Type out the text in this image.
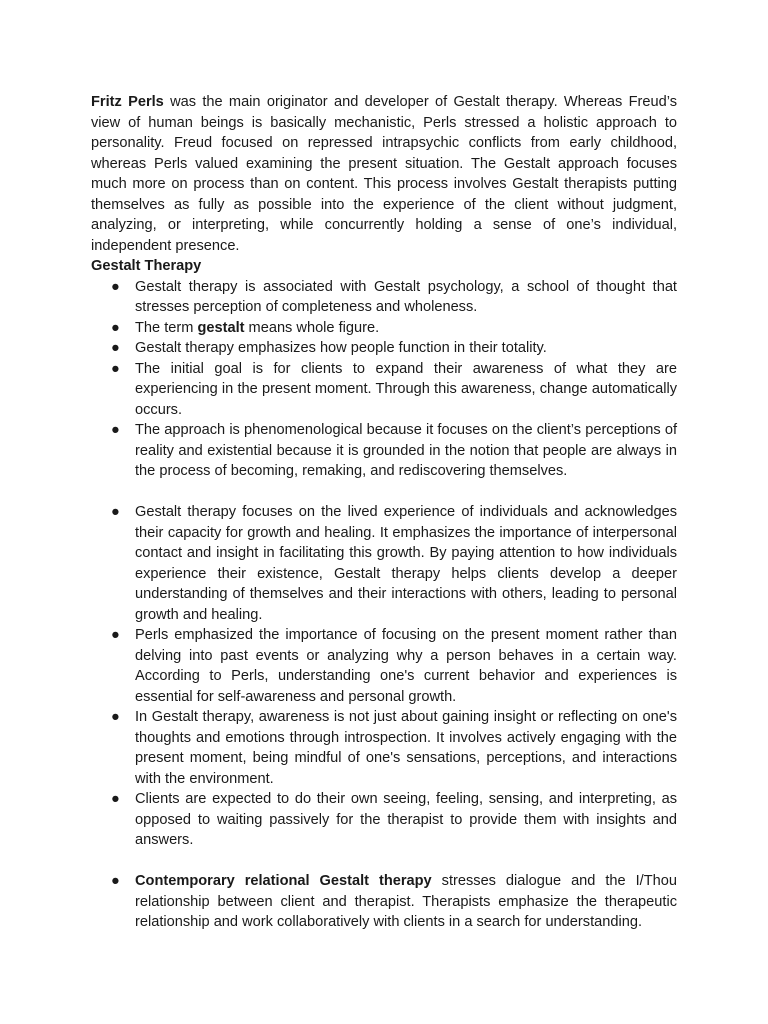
Fritz Perls was the main originator and developer of Gestalt therapy. Whereas Freud’s view of human beings is basically mechanistic, Perls stressed a holistic approach to personality. Freud focused on repressed intrapsychic conflicts from early childhood, whereas Perls valued examining the present situation. The Gestalt approach focuses much more on process than on content. This process involves Gestalt therapists putting themselves as fully as possible into the experience of the client without judgment, analyzing, or interpreting, while concurrently holding a sense of one’s individual, independent presence.

Gestalt Therapy
● Gestalt therapy is associated with Gestalt psychology, a school of thought that stresses perception of completeness and wholeness.
● The term gestalt means whole figure.
● Gestalt therapy emphasizes how people function in their totality.
● The initial goal is for clients to expand their awareness of what they are experiencing in the present moment. Through this awareness, change automatically occurs.
● The approach is phenomenological because it focuses on the client’s perceptions of reality and existential because it is grounded in the notion that people are always in the process of becoming, remaking, and rediscovering themselves.
● Gestalt therapy focuses on the lived experience of individuals and acknowledges their capacity for growth and healing. It emphasizes the importance of interpersonal contact and insight in facilitating this growth. By paying attention to how individuals experience their existence, Gestalt therapy helps clients develop a deeper understanding of themselves and their interactions with others, leading to personal growth and healing.
● Perls emphasized the importance of focusing on the present moment rather than delving into past events or analyzing why a person behaves in a certain way. According to Perls, understanding one's current behavior and experiences is essential for self-awareness and personal growth.
● In Gestalt therapy, awareness is not just about gaining insight or reflecting on one's thoughts and emotions through introspection. It involves actively engaging with the present moment, being mindful of one's sensations, perceptions, and interactions with the environment.
● Clients are expected to do their own seeing, feeling, sensing, and interpreting, as opposed to waiting passively for the therapist to provide them with insights and answers.
● Contemporary relational Gestalt therapy stresses dialogue and the I/Thou relationship between client and therapist. Therapists emphasize the therapeutic relationship and work collaboratively with clients in a search for understanding.
